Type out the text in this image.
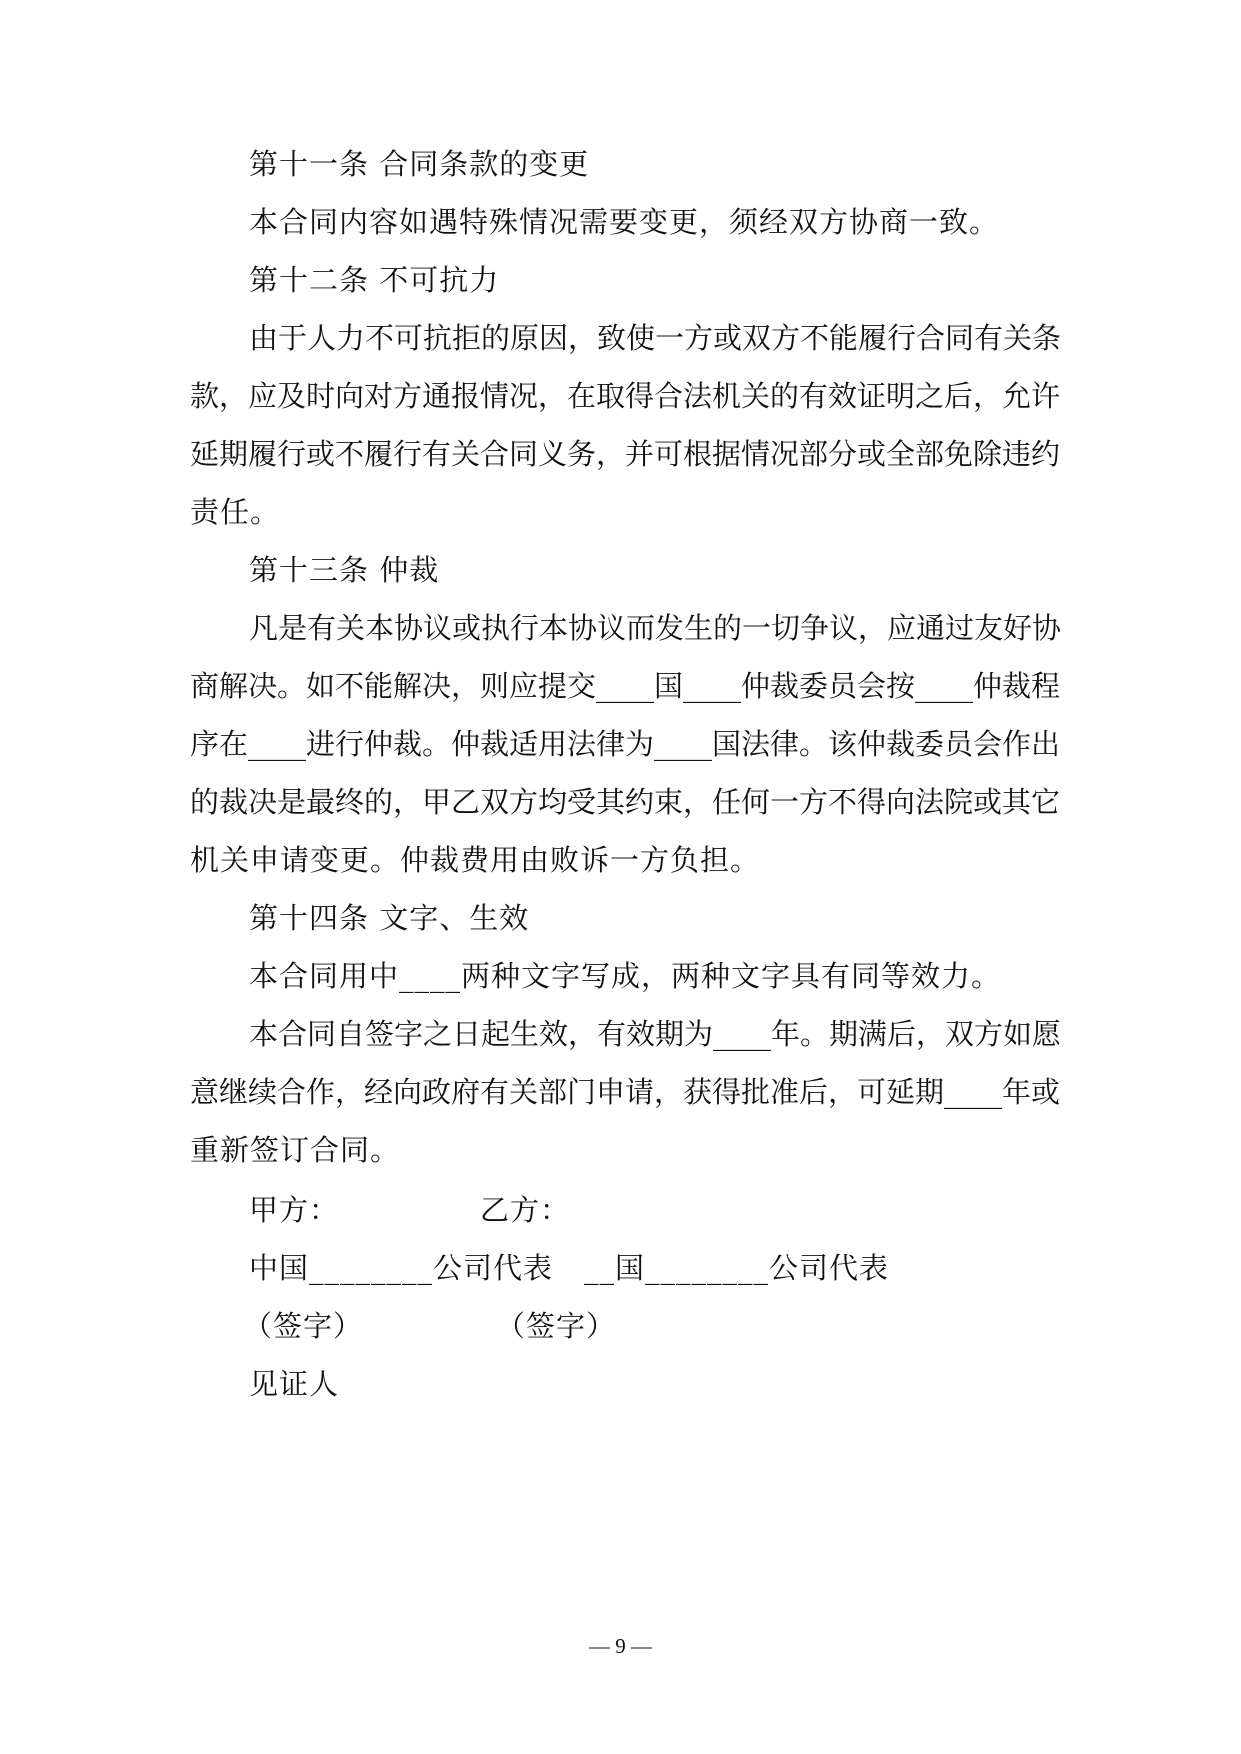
第十一条 合同条款的变更
本合同内容如遇特殊情况需要变更，须经双方协商一致。
第十二条 不可抗力
由于人力不可抗拒的原因，致使一方或双方不能履行合同有关条
款，应及时向对方通报情况，在取得合法机关的有效证明之后，允许
延期履行或不履行有关合同义务，并可根据情况部分或全部免除违约
责任。
第十三条 仲裁
凡是有关本协议或执行本协议而发生的一切争议，应通过友好协
商解决。如不能解决，则应提交____国____仲裁委员会按____仲裁程
序在____进行仲裁。仲裁适用法律为____国法律。该仲裁委员会作出
的裁决是最终的，甲乙双方均受其约束，任何一方不得向法院或其它
机关申请变更。仲裁费用由败诉一方负担。
第十四条 文字、生效
本合同用中____两种文字写成，两种文字具有同等效力。
本合同自签字之日起生效，有效期为____年。期满后，双方如愿
意继续合作，经向政府有关部门申请，获得批准后，可延期____年或
重新签订合同。
甲方：	乙方：
中国________公司代表 __国________公司代表
（签字）	（签字）
见证人
— 9 —
